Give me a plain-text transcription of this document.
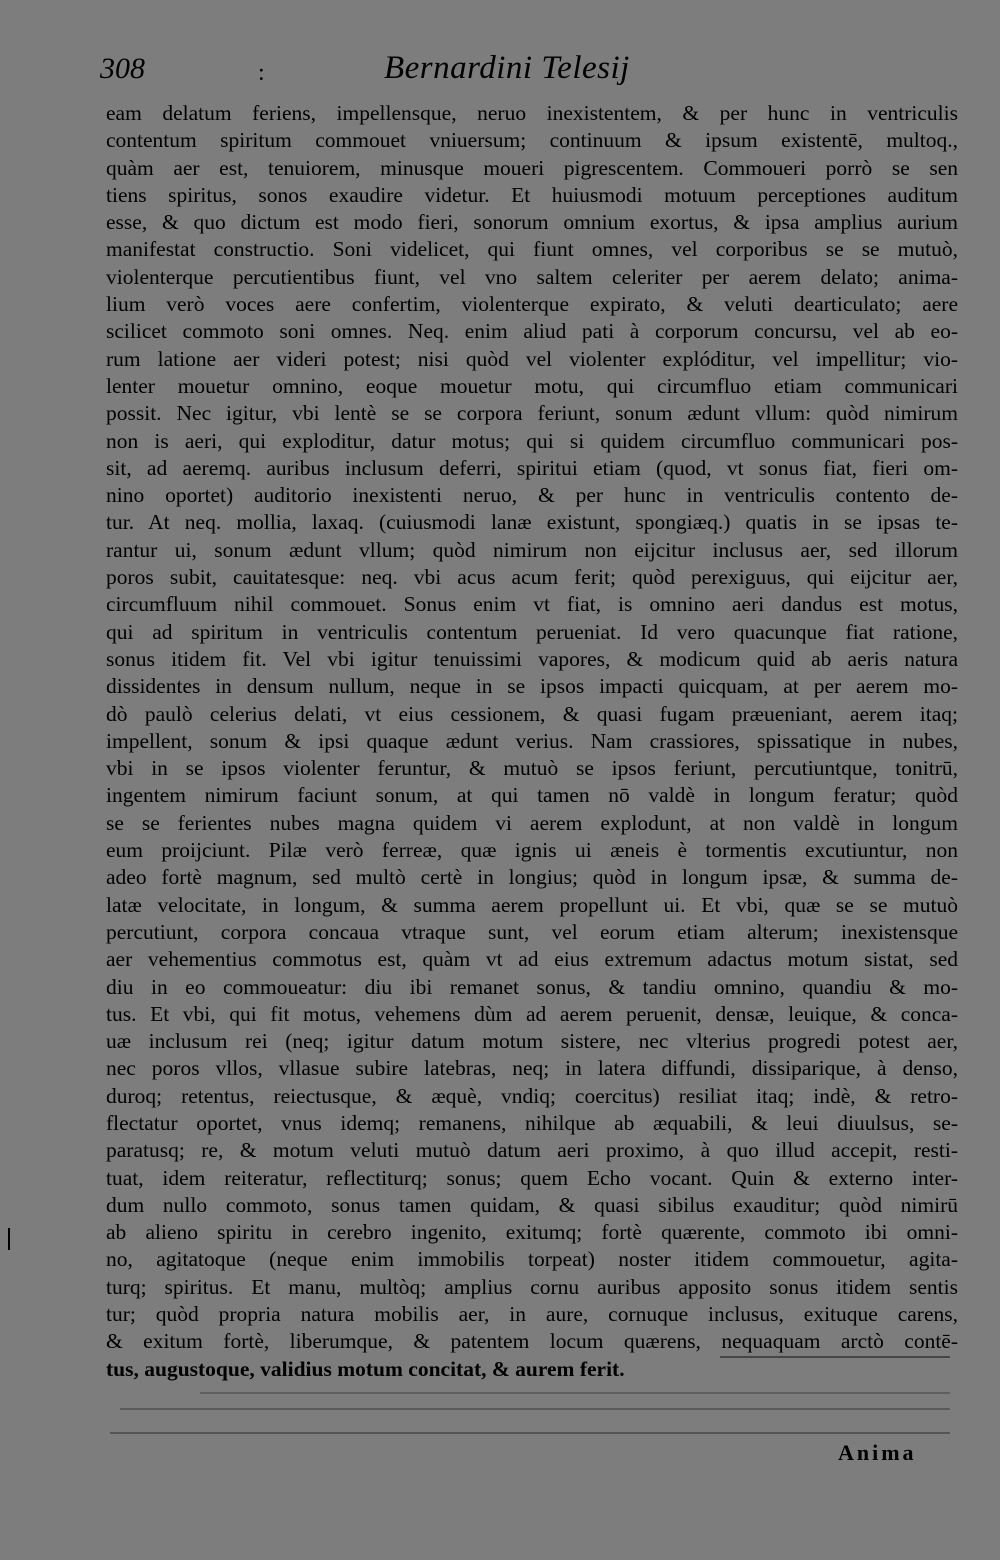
308	:	Bernardini Telesij
eam delatum feriens, impellensque, neruo inexistentem, & per hunc in ventriculis
contentum spiritum commouet vniuersum; continuum & ipsum existentē, multoq.,
quàm aer est, tenuiorem, minusque moueri pigrescentem. Commoueri porrò se sen
tiens spiritus, sonos exaudire videtur. Et huiusmodi motuum perceptiones auditum
esse, & quo dictum est modo fieri, sonorum omnium exortus, & ipsa amplius aurium
manifestat constructio. Soni videlicet, qui fiunt omnes, vel corporibus se se mutuò,
violenterque percutientibus fiunt, vel vno saltem celeriter per aerem delato; anima-
lium verò voces aere confertim, violenterque expirato, & veluti dearticulato; aere
scilicet commoto soni omnes. Neq. enim aliud pati à corporum concursu, vel ab eo-
rum latione aer videri potest; nisi quòd vel violenter explóditur, vel impellitur; vio-
lenter mouetur omnino, eoque mouetur motu, qui circumfluo etiam communicari
possit. Nec igitur, vbi lentè se se corpora feriunt, sonum ædunt vllum: quòd nimirum
non is aeri, qui exploditur, datur motus; qui si quidem circumfluo communicari pos-
sit, ad aeremq. auribus inclusum deferri, spiritui etiam (quod, vt sonus fiat, fieri om-
nino oportet) auditorio inexistenti neruo, & per hunc in ventriculis contento de-
tur. At neq. mollia, laxaq. (cuiusmodi lanæ existunt, spongiæq.) quatis in se ipsas te-
rantur ui, sonum ædunt vllum; quòd nimirum non eijcitur inclusus aer, sed illorum
poros subit, cauitatesque: neq. vbi acus acum ferit; quòd perexiguus, qui eijcitur aer,
circumfluum nihil commouet. Sonus enim vt fiat, is omnino aeri dandus est motus,
qui ad spiritum in ventriculis contentum perueniat. Id vero quacunque fiat ratione,
sonus itidem fit. Vel vbi igitur tenuissimi vapores, & modicum quid ab aeris natura
dissidentes in densum nullum, neque in se ipsos impacti quicquam, at per aerem mo-
dò paulò celerius delati, vt eius cessionem, & quasi fugam præueniant, aerem itaq;
impellent, sonum & ipsi quaque ædunt verius. Nam crassiores, spissatique in nubes,
vbi in se ipsos violenter feruntur, & mutuò se ipsos feriunt, percutiuntque, tonitrū,
ingentem nimirum faciunt sonum, at qui tamen nō valdè in longum feratur; quòd
se se ferientes nubes magna quidem vi aerem explodunt, at non valdè in longum
eum proijciunt. Pilæ verò ferreæ, quæ ignis ui æneis è tormentis excutiuntur, non
adeo fortè magnum, sed multò certè in longius; quòd in longum ipsæ, & summa de-
latæ velocitate, in longum, & summa aerem propellunt ui. Et vbi, quæ se se mutuò
percutiunt, corpora concaua vtraque sunt, vel eorum etiam alterum; inexistensque
aer vehementius commotus est, quàm vt ad eius extremum adactus motum sistat, sed
diu in eo commoueatur: diu ibi remanet sonus, & tandiu omnino, quandiu & mo-
tus. Et vbi, qui fit motus, vehemens dùm ad aerem peruenit, densæ, leuique, & conca-
uæ inclusum rei (neq; igitur datum motum sistere, nec vlterius progredi potest aer,
nec poros vllos, vllasue subire latebras, neq; in latera diffundi, dissiparique, à denso,
duroq; retentus, reiectusque, & æquè, vndiq; coercitus) resiliat itaq; indè, & retro-
flectatur oportet, vnus idemq; remanens, nihilque ab æquabili, & leui diuulsus, se-
paratusq; re, & motum veluti mutuò datum aeri proximo, à quo illud accepit, resti-
tuat, idem reiteratur, reflectiturq; sonus; quem Echo vocant. Quin & externo inter-
dum nullo commoto, sonus tamen quidam, & quasi sibilus exauditur; quòd nimirū
ab alieno spiritu in cerebro ingenito, exitumq; fortè quærente, commoto ibi omni-
no, agitatoque (neque enim immobilis torpeat) noster itidem commouetur, agita-
turq; spiritus. Et manu, multòq; amplius cornu auribus apposito sonus itidem sentis
tur; quòd propria natura mobilis aer, in aure, cornuque inclusus, exituque carens,
& exitum fortè, liberumque, & patentem locum quærens, nequaquam arctò contē-
tus, augustoque, validius motum concitat, & aurem ferit.
Anima
